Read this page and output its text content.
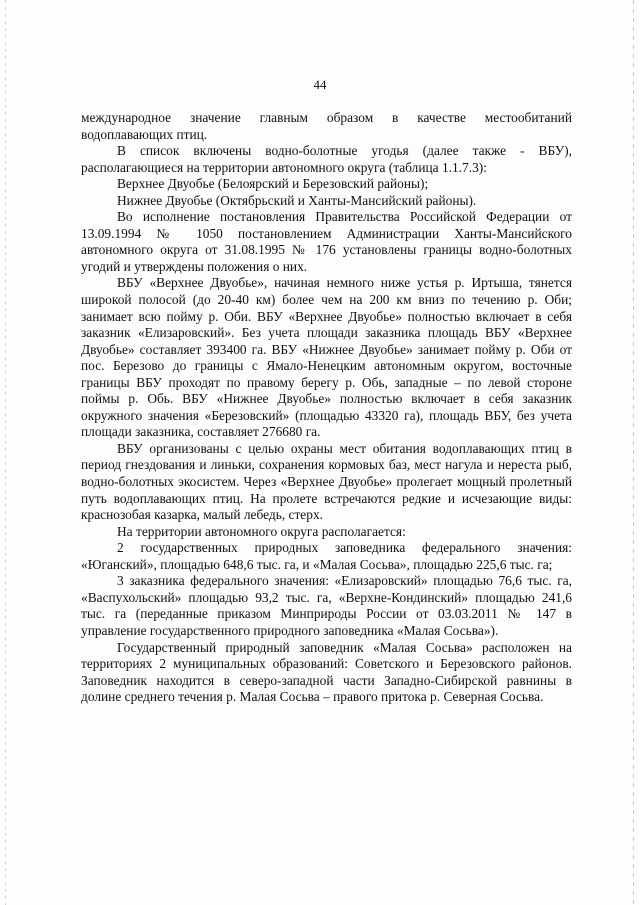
44

международное значение главным образом в качестве местообитаний водоплавающих птиц.

В список включены водно-болотные угодья (далее также - ВБУ), располагающиеся на территории автономного округа (таблица 1.1.7.3):

Верхнее Двуобье (Белоярский и Березовский районы);

Нижнее Двуобье (Октябрьский и Ханты-Мансийский районы).

Во исполнение постановления Правительства Российской Федерации от 13.09.1994 № 1050 постановлением Администрации Ханты-Мансийского автономного округа от 31.08.1995 № 176 установлены границы водно-болотных угодий и утверждены положения о них.

ВБУ «Верхнее Двуобье», начиная немного ниже устья р. Иртыша, тянется широкой полосой (до 20-40 км) более чем на 200 км вниз по течению р. Оби; занимает всю пойму р. Оби. ВБУ «Верхнее Двуобье» полностью включает в себя заказник «Елизаровский». Без учета площади заказника площадь ВБУ «Верхнее Двуобье» составляет 393400 га. ВБУ «Нижнее Двуобье» занимает пойму р. Оби от пос. Березово до границы с Ямало-Ненецким автономным округом, восточные границы ВБУ проходят по правому берегу р. Обь, западные – по левой стороне поймы р. Обь. ВБУ «Нижнее Двуобье» полностью включает в себя заказник окружного значения «Березовский» (площадью 43320 га), площадь ВБУ, без учета площади заказника, составляет 276680 га.

ВБУ организованы с целью охраны мест обитания водоплавающих птиц в период гнездования и линьки, сохранения кормовых баз, мест нагула и нереста рыб, водно-болотных экосистем. Через «Верхнее Двуобье» пролегает мощный пролетный путь водоплавающих птиц. На пролете встречаются редкие и исчезающие виды: краснозобая казарка, малый лебедь, стерх.

На территории автономного округа располагается:

2 государственных природных заповедника федерального значения: «Юганский», площадью 648,6 тыс. га, и «Малая Сосьва», площадью 225,6 тыс. га;

3 заказника федерального значения: «Елизаровский» площадью 76,6 тыс. га, «Васпухольский» площадью 93,2 тыс. га, «Верхне-Кондинский» площадью 241,6 тыс. га (переданные приказом Минприроды России от 03.03.2011 № 147 в управление государственного природного заповедника «Малая Сосьва»).

Государственный природный заповедник «Малая Сосьва» расположен на территориях 2 муниципальных образований: Советского и Березовского районов. Заповедник находится в северо-западной части Западно-Сибирской равнины в долине среднего течения р. Малая Сосьва – правого притока р. Северная Сосьва.
